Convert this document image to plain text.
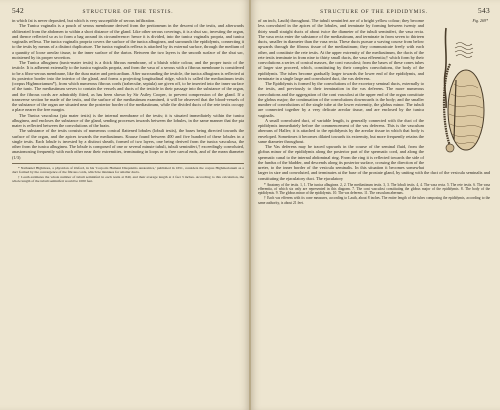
542	STRUCTURE OF THE TESTIS.

in which fat is never deposited, but which is very susceptible of serous infiltration.

The Tunica vaginalis is a pouch of serous membrane derived from the peritoneum in the descent of the testis, and afterwards obliterated from the abdomen to within a short distance of the gland. Like other serous coverings, it is a shut sac, investing the organ, and thence reflected so as to form a bag around its circumference: hence it is divided, into the tunica vaginalis propria, and tunica vaginalis reflexa. The tunica vaginalis propria covers the surface of the tunica albuginea, and surrounds the epididymis, connecting it to the testis by means of a distinct duplicature. The tunica vaginalis reflexa is attached by its external surface, through the medium of a quantity of loose areolar tissue, to the inner surface of the dartos. Between the two layers is the smooth surface of the shut sac, moistened by its proper secretion.

The Tunica albuginea (tunic-mater testis) is a thick fibrous membrane, of a bluish white colour, and the proper tunic of the testicle. It is adherent externally to the tunica vaginalis propria, and from the vasa of a serous with a fibrous membrane is considered to be a fibro-serous membrane, like the dura mater and pericardium. After surrounding the testicle, the tunica albuginea is reflected at its posterior border into the interior of the gland, and forms a projecting longitudinal ridge, which is called the mediastinum testis (corpus Highmorianum*), from which numerous fibrous cords (trabeculæ, septula) are given off, to be inserted into the inner surface of the tunic. The mediastinum serves to contain the vessels and ducts of the testicle in their passage into the substance of the organ, and the fibrous cords are admirably fitted, as has been shown by Sir Astley Cooper, to prevent compression of the gland. If a transverse section be made of the testis, and the surface of the mediastinum examined, it will be observed that the blood-vessels of the substance of the organ are situated near the posterior border of the mediastinum, while the divided ducts of the rete testis occupy a place nearer the free margin.

The Tunica vasculosa (pia mater testis) is the internal membrane of the testis; it is situated immediately within the tunica albuginea, and encloses the substance of the gland, sending processes inwards between the lobules, in the same manner that the pia mater is reflected between the convolutions of the brain.

The substance of the testis consists of numerous conical flattened lobules (lobuli testis), the bases being directed towards the surface of the organ, and the apices towards the mediastinum. Krause found between 400 and five hundred of these lobules in a single testis. Each lobule is invested by a distinct sheath, formed of two layers, one being derived from the tunica vasculosa, the other from the tunica albuginea. The lobule is composed of one or several minute tubuli, tubuli seminiferi,† exceedingly convoluted, anastomosing frequently with each other near their extremities, terminating in loops or in free caecal ends, and of the mean diameter (1/3)

* Nathaniel Highmore, a physician of Oxford, in his 'Corporis Humani Disquisitio Anatomica,' published in 1651, considers the corpus Highmorianum as a duct formed by the convergence of the fibrous cords, which he mistakes for smaller ducts.

† Lauth estimates the whole number of tubuli seminiferi in each testis at 840, and their average length at 2 feet 3 inches. According to this calculation, the whole length of the tubuli seminiferi would be 1000 feet.

STRUCTURE OF THE EPIDIDYMIS.	543
Fig. 269*

of an inch, Lauth) throughout. The tubuli seminiferi are of a bright yellow colour; they become less convoluted in the apices of the lobules, and terminate by forming between twenty and thirty small straight ducts of about twice the diameter of the tubuli seminiferi, the vasa recta. The vasa recta enter the substance of the mediastinum, and terminate in from seven to thirteen ducts, smaller in diameter than the vasa recta. These ducts pursue a waving course from below upwards through the fibrous tissue of the mediastinum; they communicate freely with each other, and constitute the rete testis. At the upper extremity of the mediastinum, the ducts of the rete testis terminate in from nine to thirty small ducts, the vasa efferentia;† which form by their convolutions a series of conical masses, the coni vasculosi; from the bases of these cones tubes of larger size proceed, which, constituting by their complex convolutions, the body of the epididymis. The tubes become gradually larger towards the lower end of the epididymis, and terminate in a single large and convoluted duct, the vas deferens.

The Epididymis is formed by the convolutions of the excretory seminal ducts, externally to the testis, and previously to their termination in the vas deferens. The more numerous convolutions and the aggregation of the coni vasculosi at the upper end of the organ constitute the globus major; the continuation of the convolutions downwards is the body; and the smaller number of convolutions of the single tube at the lower extremity, the globus minor. The tubuli are connected together by a very delicate areolar tissue, and are enclosed by the tunica vaginalis.

A small convoluted duct, of variable length, is generally connected with the duct of the epididymis immediately before the commencement of the vas deferens. This is the vasculum aberrans of Haller; it is attached to the epididymis by the areolar tissue in which that body is enveloped. Sometimes it becomes dilated towards its extremity, but more frequently retains the same diameter throughout.

The Vas deferens may be traced upwards in the course of the seminal fluid, from the globus minor of the epididymis along the posterior part of the spermatic cord, and along the spermatic canal to the internal abdominal ring. From the ring it is reflected towards the side of the fundus of the bladder, and descends along its posterior surface, crossing the direction of the ureter, to the inner border of the vesicula seminalis. In this situation it becomes somewhat larger in size and convoluted, and terminates at the base of the prostate gland, by uniting with the duct of the vesicula seminalis and constituting the ejaculatory duct. The ejaculatory

* Anatomy of the testis. 1, 1. The tunica albuginea. 2, 2. The mediastinum testis. 3, 3. The lobuli testis. 4, 4. The vasa recta. 5. The rete testis. 6. The vasa efferentia, of which six only are represented in this diagram. 7. The coni vasculosi constituting the globus major of the epididymis. 8. The body of the epididymis. 9. The globus minor of the epididymis. 10. The vas deferens. 11. The vasculum aberrans.

† Each vas efferens with its cone measures, according to Lauth, about 8 inches. The entire length of the tubes composing the epididymis, according to the same authority, is about 21 feet.
